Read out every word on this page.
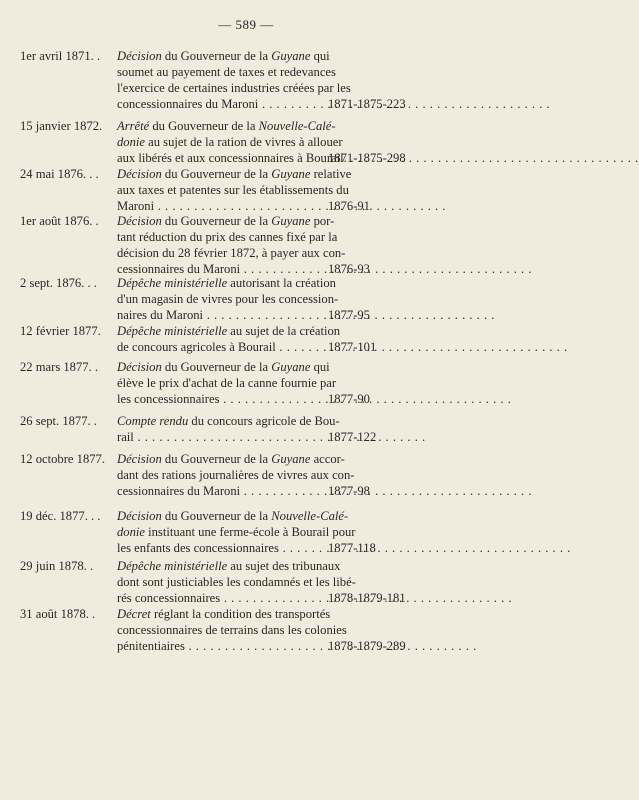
— 589 —
1er avril 1871. .	Décision du Gouverneur de la Guyane qui
soumet au payement de taxes et redevances
l'exercice de certaines industries créées par les
concessionnaires du Maroni . . .	1871-1875-223
15 janvier 1872.	Arrêté du Gouverneur de la Nouvelle-Calé-
donie au sujet de la ration de vivres à allouer
aux libérés et aux concessionnaires à Bourail. . . .
1871-1875-298
24 mai 1876. . .	Décision du Gouverneur de la Guyane relative
aux taxes et patentes sur les établissements du
Maroni . . .	1876-91
1er août 1876. .	Décision du Gouverneur de la Guyane por-
tant réduction du prix des cannes fixé par la
décision du 28 février 1872, à payer aux con-
cessionnaires du Maroni . . .	1876-93
2 sept. 1876. . .	Dépêche ministérielle autorisant la création
d'un magasin de vivres pour les concession-
naires du Maroni . . .	1877-95
12 février 1877.	Dépêche ministérielle au sujet de la création
de concours agricoles à Bourail . . .	1877-101
22 mars 1877. .	Décision du Gouverneur de la Guyane qui
élève le prix d'achat de la canne fournie par
les concessionnaires . . .	1877-90
26 sept. 1877. .	Compte rendu du concours agricole de Bou-
rail . . .	1877-122
12 octobre 1877. Décision du Gouverneur de la Guyane accor-
dant des rations journalières de vivres aux con-
cessionnaires du Maroni . . .	1877-98
19 déc. 1877. . .	Décision du Gouverneur de la Nouvelle-Calé-
donie instituant une ferme-école à Bourail pour
les enfants des concessionnaires . . .	1877-118
29 juin 1878. .	Dépêche ministérielle au sujet des tribunaux
dont sont justiciables les condamnés et les libé-
rés concessionnaires . . .	1878-1879-181
31 août 1878. .	Décret réglant la condition des transportés
concessionnaires de terrains dans les colonies
pénitentiaires . . .	1878-1879-289
